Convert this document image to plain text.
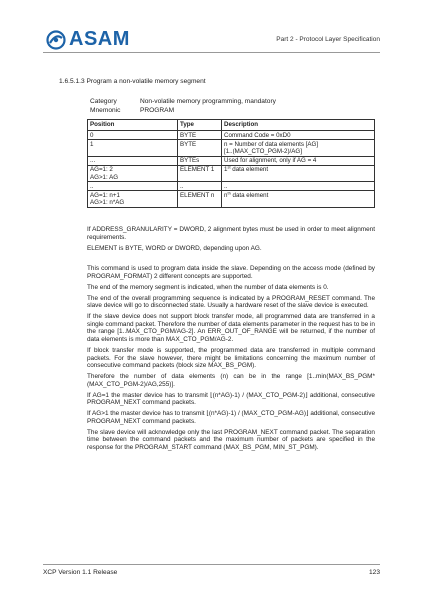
ASAM	Part 2 - Protocol Layer Specification
1.6.5.1.3 Program a non-volatile memory segment
Category	Non-volatile memory programming, mandatory
Mnemonic	PROGRAM
Position	Type	Description
0	BYTE	Command Code = 0xD0
1	BYTE	n = Number of data elements [AG]
[1..(MAX_CTO_PGM-2)/AG]

...	BYTEs	Used for alignment, only if AG = 4

AG=1: 2
AG>1: AG	ELEMENT 1	1st data element
..	..	..

AG=1: n+1
AG>1: n*AG	ELEMENT n	$n^{th}$ data element

If ADDRESS_GRANULARITY = DWORD, 2 alignment bytes must be used in order to meet alignment requirements.

ELEMENT is BYTE, WORD or DWORD, depending upon AG.

This command is used to program data inside the slave. Depending on the access mode (defined by PROGRAM_FORMAT) 2 different concepts are supported.

The end of the memory segment is indicated, when the number of data elements is 0.

The end of the overall programming sequence is indicated by a PROGRAM_RESET command. The slave device will go to disconnected state. Usually a hardware reset of the slave device is executed.

If the slave device does not support block transfer mode, all programmed data are transferred in a single command packet. Therefore the number of data elements parameter in the request has to be in the range [1..MAX_CTO_PGM/AG-2]. An ERR_OUT_OF_RANGE will be returned, if the number of data elements is more than MAX_CTO_PGM/AG-2.

If block transfer mode is supported, the programmed data are transferred in multiple command packets. For the slave however, there might be limitations concerning the maximum number of consecutive command packets (block size MAX_BS_PGM).

Therefore the number of data elements (n) can be in the range [1..min(MAX_BS_PGM*(MAX_CTO_PGM-2)/AG,255)].

If AG=1 the master device has to transmit ⌊(n*AG)-1) / (MAX_CTO_PGM-2)⌋ additional, consecutive PROGRAM_NEXT command packets.

If AG>1 the master device has to transmit ⌊(n*AG)-1) / (MAX_CTO_PGM-AG)⌋ additional, consecutive PROGRAM_NEXT command packets.

The slave device will acknowledge only the last PROGRAM_NEXT command packet. The separation time between the command packets and the maximum number of packets are specified in the response for the PROGRAM_START command (MAX_BS_PGM, MIN_ST_PGM).

XCP Version 1.1 Release	123
